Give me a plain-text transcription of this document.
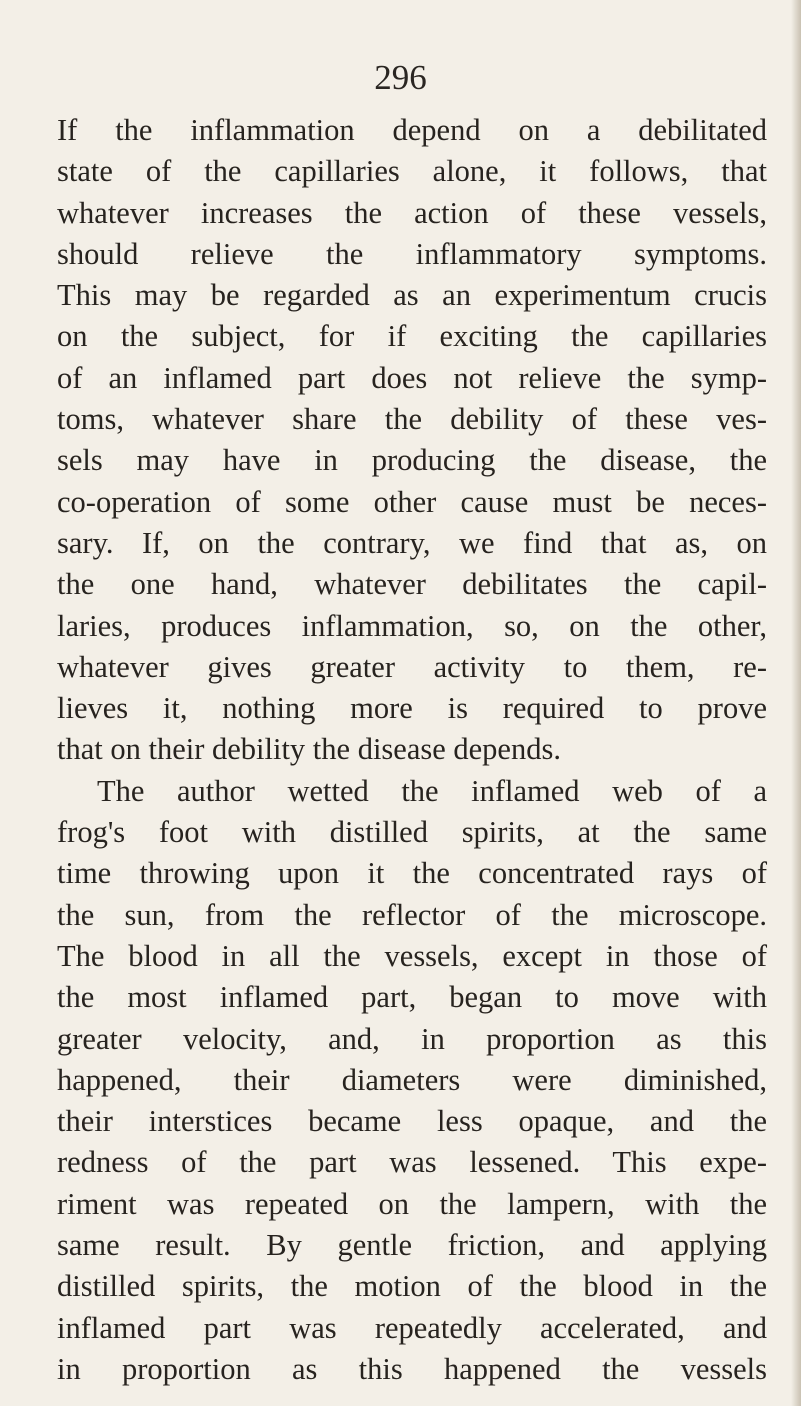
296
If the inflammation depend on a debilitated
state of the capillaries alone, it follows, that
whatever increases the action of these vessels,
should relieve the inflammatory symptoms.
This may be regarded as an experimentum crucis
on the subject, for if exciting the capillaries
of an inflamed part does not relieve the symp-
toms, whatever share the debility of these ves-
sels may have in producing the disease, the
co-operation of some other cause must be neces-
sary. If, on the contrary, we find that as, on
the one hand, whatever debilitates the capil-
laries, produces inflammation, so, on the other,
whatever gives greater activity to them, re-
lieves it, nothing more is required to prove
that on their debility the disease depends.
The author wetted the inflamed web of a
frog's foot with distilled spirits, at the same
time throwing upon it the concentrated rays of
the sun, from the reflector of the microscope.
The blood in all the vessels, except in those of
the most inflamed part, began to move with
greater velocity, and, in proportion as this
happened, their diameters were diminished,
their interstices became less opaque, and the
redness of the part was lessened. This expe-
riment was repeated on the lampern, with the
same result. By gentle friction, and applying
distilled spirits, the motion of the blood in the
inflamed part was repeatedly accelerated, and
in proportion as this happened the vessels
